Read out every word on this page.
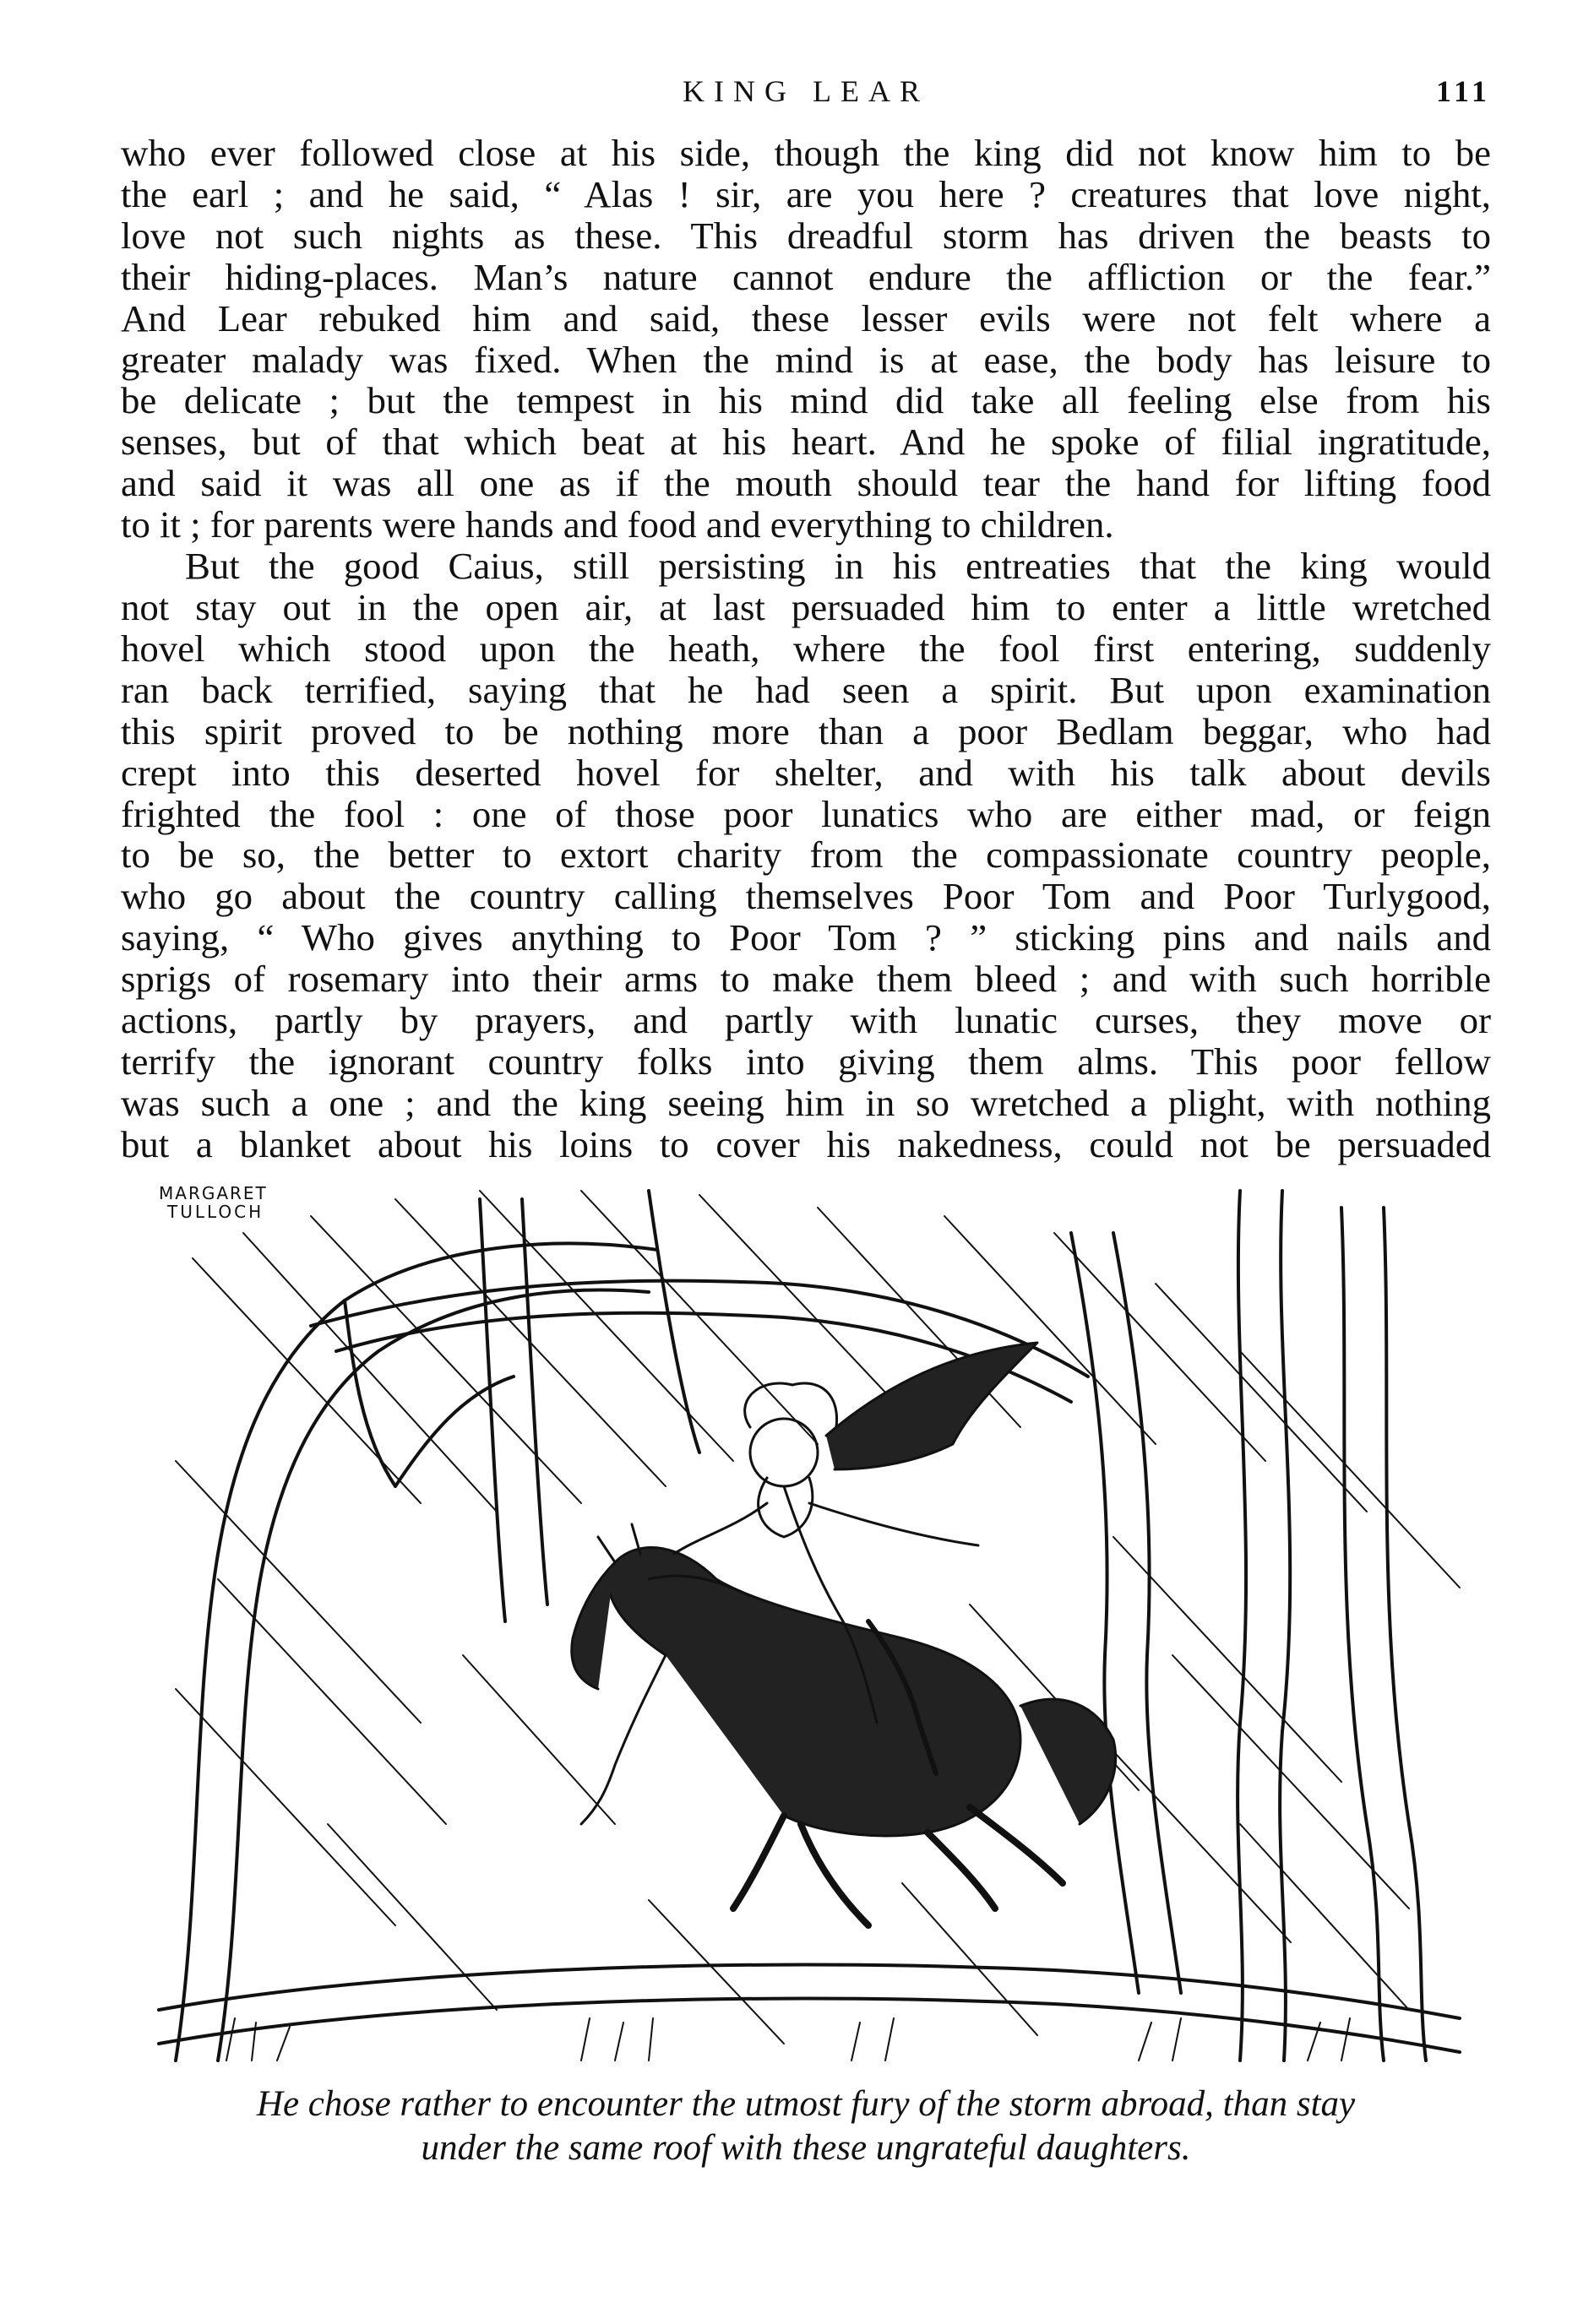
KING LEAR	111

who ever followed close at his side, though the king did not know him to be
the earl ; and he said, “ Alas ! sir, are you here ? creatures that love night,
love not such nights as these. This dreadful storm has driven the beasts to
their hiding-places. Man’s nature cannot endure the affliction or the fear.”
And Lear rebuked him and said, these lesser evils were not felt where a
greater malady was fixed. When the mind is at ease, the body has leisure to
be delicate ; but the tempest in his mind did take all feeling else from his
senses, but of that which beat at his heart. And he spoke of filial ingratitude,
and said it was all one as if the mouth should tear the hand for lifting food
to it ; for parents were hands and food and everything to children.

But the good Caius, still persisting in his entreaties that the king would
not stay out in the open air, at last persuaded him to enter a little wretched
hovel which stood upon the heath, where the fool first entering, suddenly
ran back terrified, saying that he had seen a spirit. But upon examination
this spirit proved to be nothing more than a poor Bedlam beggar, who had
crept into this deserted hovel for shelter, and with his talk about devils
frighted the fool : one of those poor lunatics who are either mad, or feign
to be so, the better to extort charity from the compassionate country people,
who go about the country calling themselves Poor Tom and Poor Turlygood,
saying, “ Who gives anything to Poor Tom ? ” sticking pins and nails and
sprigs of rosemary into their arms to make them bleed ; and with such horrible
actions, partly by prayers, and partly with lunatic curses, they move or
terrify the ignorant country folks into giving them alms. This poor fellow
was such a one ; and the king seeing him in so wretched a plight, with nothing
but a blanket about his loins to cover his nakedness, could not be persuaded

MARGARET
TULLOCH
He chose rather to encounter the utmost fury of the storm abroad, than stay
under the same roof with these ungrateful daughters.
